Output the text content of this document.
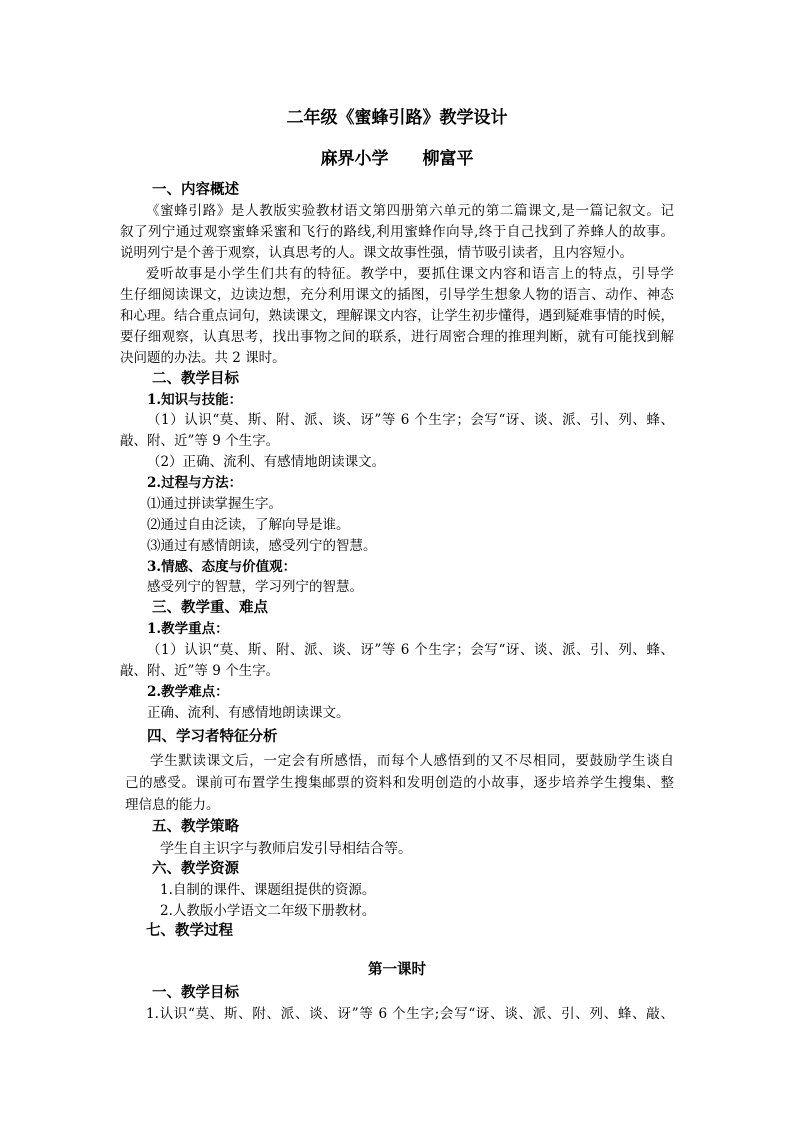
二年级《蜜蜂引路》教学设计
麻界小学　　柳富平
一、内容概述
《蜜蜂引路》是人教版实验教材语文第四册第六单元的第二篇课文,是一篇记叙文。记
叙了列宁通过观察蜜蜂采蜜和飞行的路线,利用蜜蜂作向导,终于自己找到了养蜂人的故事。
说明列宁是个善于观察，认真思考的人。课文故事性强，情节吸引读者，且内容短小。
爱听故事是小学生们共有的特征。教学中，要抓住课文内容和语言上的特点，引导学
生仔细阅读课文，边读边想，充分利用课文的插图，引导学生想象人物的语言、动作、神态
和心理。结合重点词句，熟读课文，理解课文内容，让学生初步懂得，遇到疑难事情的时候，
要仔细观察，认真思考，找出事物之间的联系，进行周密合理的推理判断，就有可能找到解
决问题的办法。共 2 课时。
二、教学目标
1.知识与技能：
（1）认识“莫、斯、附、派、谈、讶”等 6 个生字；会写“讶、谈、派、引、列、蜂、
敲、附、近”等 9 个生字。
（2）正确、流利、有感情地朗读课文。
2.过程与方法：
⑴通过拼读掌握生字。
⑵通过自由泛读，了解向导是谁。
⑶通过有感情朗读，感受列宁的智慧。
3.情感、态度与价值观：
感受列宁的智慧，学习列宁的智慧。
三、教学重、难点
1.教学重点：
（1）认识“莫、斯、附、派、谈、讶”等 6 个生字；会写“讶、谈、派、引、列、蜂、
敲、附、近”等 9 个生字。
2.教学难点：
正确、流利、有感情地朗读课文。
四、学习者特征分析
学生默读课文后，一定会有所感悟，而每个人感悟到的又不尽相同，要鼓励学生谈自
己的感受。课前可布置学生搜集邮票的资料和发明创造的小故事，逐步培养学生搜集、整
理信息的能力。
五、教学策略
学生自主识字与教师启发引导相结合等。
六、教学资源
1.自制的课件、课题组提供的资源。
2.人教版小学语文二年级下册教材。
七、教学过程
第一课时
一、教学目标
1.认识“莫、斯、附、派、谈、讶”等 6 个生字;会写“讶、谈、派、引、列、蜂、敲、
